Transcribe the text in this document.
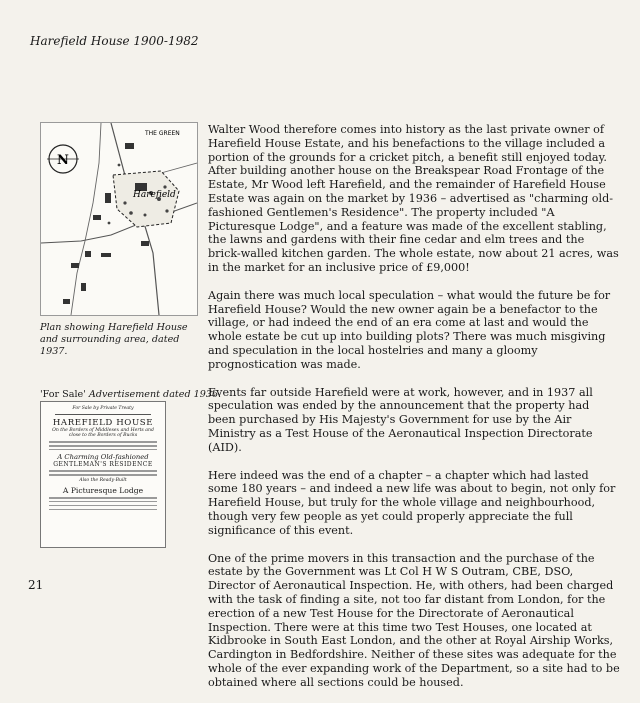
Harefield House 1900-1982
N
THE GREEN
Harefield
Plan showing Harefield House and surrounding area, dated 1937.
'For Sale' Advertisement dated 1936.
For Sale by Private Treaty
HAREFIELD HOUSE
On the Borders of Middlesex and Herts and close to the Borders of Bucks
A Charming Old-fashioned
GENTLEMAN'S RESIDENCE
Also the Ready-Built
A Picturesque Lodge

Walter Wood therefore comes into history as the last private owner of Harefield House Estate, and his benefactions to the village included a portion of the grounds for a cricket pitch, a benefit still enjoyed today. After building another house on the Breakspear Road Frontage of the Estate, Mr Wood left Harefield, and the remainder of Harefield House Estate was again on the market by 1936 – advertised as "charming old-fashioned Gentlemen's Residence". The property included "A Picturesque Lodge", and a feature was made of the excellent stabling, the lawns and gardens with their fine cedar and elm trees and the brick-walled kitchen garden. The whole estate, now about 21 acres, was in the market for an inclusive price of £9,000!

Again there was much local speculation – what would the future be for Harefield House? Would the new owner again be a benefactor to the village, or had indeed the end of an era come at last and would the whole estate be cut up into building plots? There was much misgiving and speculation in the local hostelries and many a gloomy prognostication was made.

Events far outside Harefield were at work, however, and in 1937 all speculation was ended by the announcement that the property had been purchased by His Majesty's Government for use by the Air Ministry as a Test House of the Aeronautical Inspection Directorate (AID).

Here indeed was the end of a chapter – a chapter which had lasted some 180 years – and indeed a new life was about to begin, not only for Harefield House, but truly for the whole village and neighbourhood, though very few people as yet could properly appreciate the full significance of this event.

One of the prime movers in this transaction and the purchase of the estate by the Government was Lt Col H W S Outram, CBE, DSO, Director of Aeronautical Inspection. He, with others, had been charged with the task of finding a site, not too far distant from London, for the erection of a new Test House for the Directorate of Aeronautical Inspection. There were at this time two Test Houses, one located at Kidbrooke in South East London, and the other at Royal Airship Works, Cardington in Bedfordshire. Neither of these sites was adequate for the whole of the ever expanding work of the Department, so a site had to be obtained where all sections could be housed.

21
